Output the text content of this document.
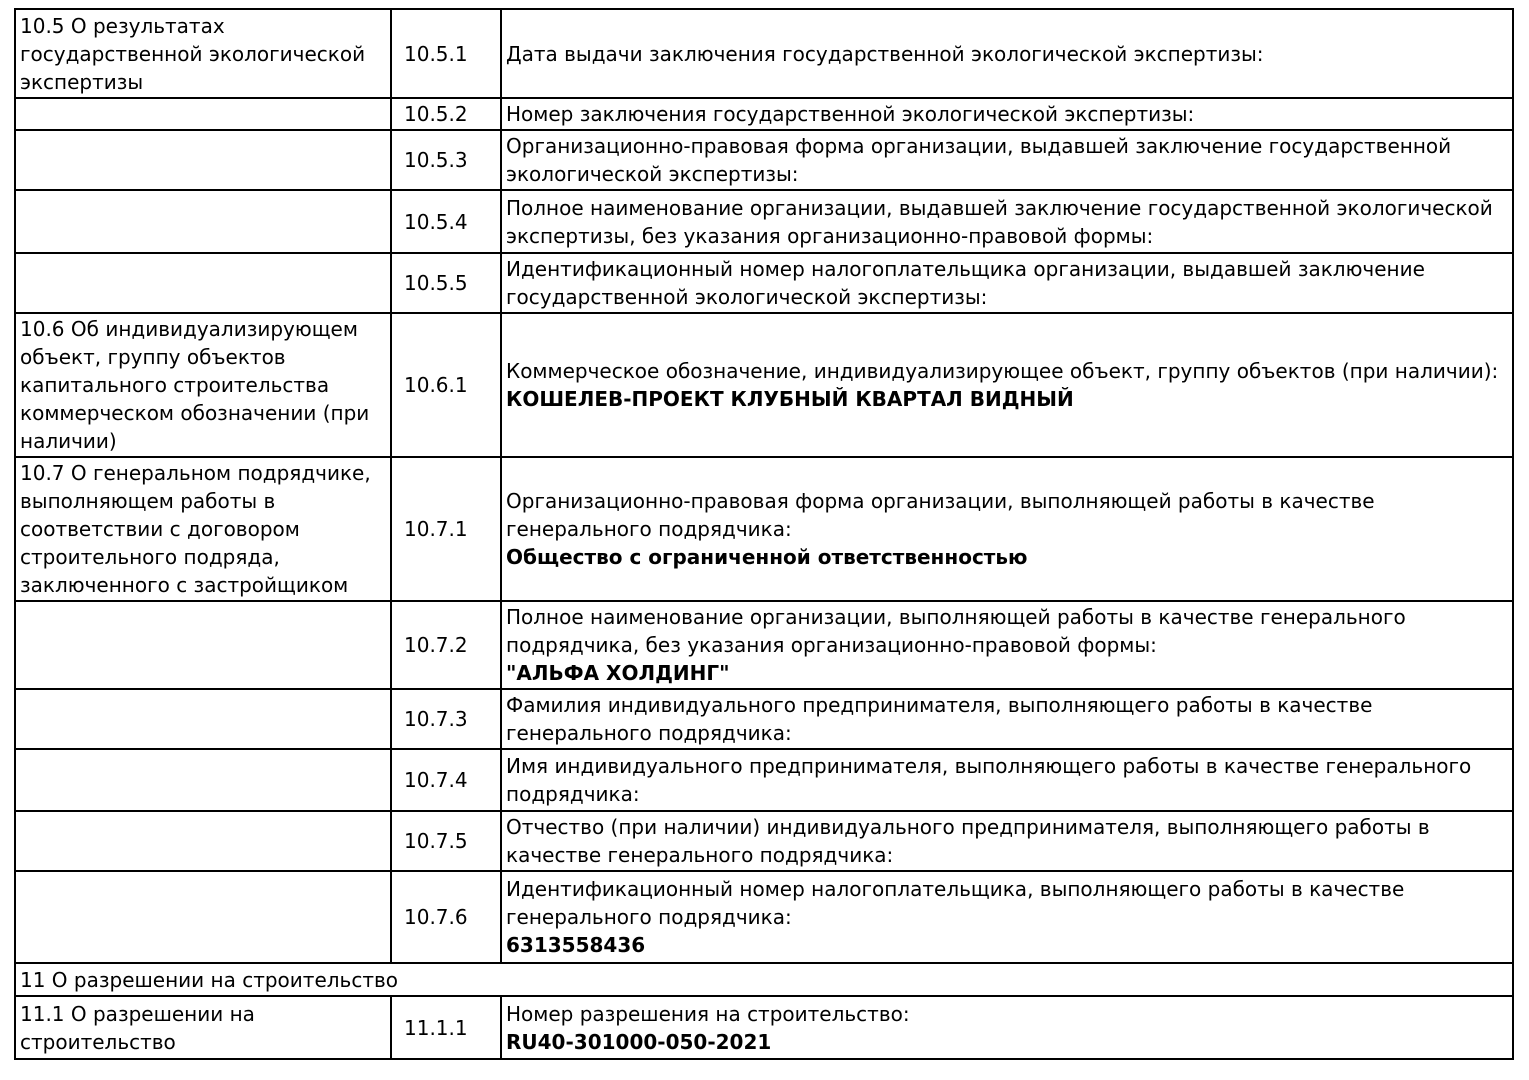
10.5 О результатах государственной экологической экспертизы	10.5.1	Дата выдачи заключения государственной экологической экспертизы:

	10.5.2	Номер заключения государственной экологической экспертизы:

	10.5.3	Организационно-правовая форма организации, выдавшей заключение государственной экологической экспертизы:

	10.5.4	Полное наименование организации, выдавшей заключение государственной экологической экспертизы, без указания организационно-правовой формы:

	10.5.5	Идентификационный номер налогоплательщика организации, выдавшей заключение государственной экологической экспертизы:

10.6 Об индивидуализирующем объект, группу объектов капитального строительства коммерческом обозначении (при наличии)	10.6.1	Коммерческое обозначение, индивидуализирующее объект, группу объектов (при наличии):
КОШЕЛЕВ-ПРОЕКТ КЛУБНЫЙ КВАРТАЛ ВИДНЫЙ

10.7 О генеральном подрядчике, выполняющем работы в соответствии с договором строительного подряда, заключенного с застройщиком	10.7.1	Организационно-правовая форма организации, выполняющей работы в качестве генерального подрядчика:
Общество с ограниченной ответственностью

	10.7.2	Полное наименование организации, выполняющей работы в качестве генерального подрядчика, без указания организационно-правовой формы:
"АЛЬФА ХОЛДИНГ"

	10.7.3	Фамилия индивидуального предпринимателя, выполняющего работы в качестве генерального подрядчика:

	10.7.4	Имя индивидуального предпринимателя, выполняющего работы в качестве генерального подрядчика:

	10.7.5	Отчество (при наличии) индивидуального предпринимателя, выполняющего работы в качестве генерального подрядчика:

	10.7.6	Идентификационный номер налогоплательщика, выполняющего работы в качестве генерального подрядчика:
6313558436

11 О разрешении на строительство		
11.1 О разрешении на строительство	11.1.1	Номер разрешения на строительство:
RU40-301000-050-2021
